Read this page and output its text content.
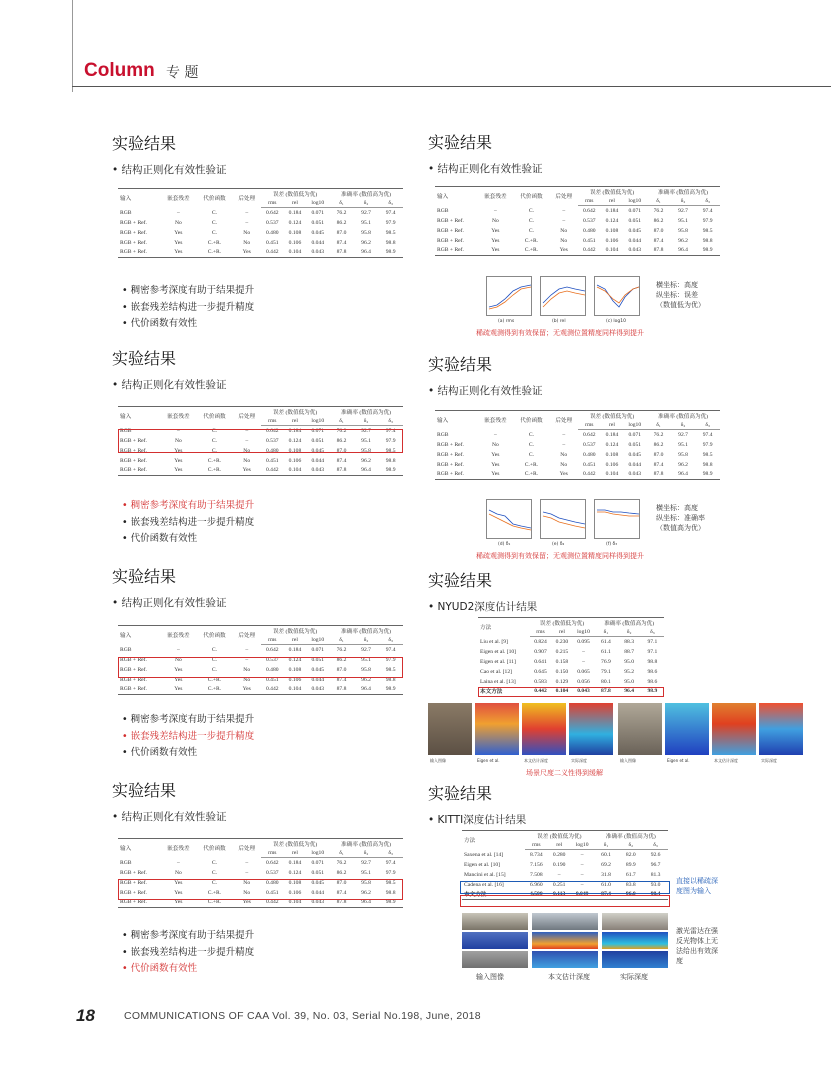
Column 专 题
实验结果
• 结构正则化有效性验证
输入	嵌套残差	代价函数	后处理	误差 (数值低为优)			准确率 (数值高为优)		
				rms	rel	log10	δ₁	δ₂	δ₃
RGB	–	C.	–	0.642	0.184	0.071	76.2	92.7	97.4
RGB + Ref.	No	C.	–	0.537	0.124	0.051	86.2	95.1	97.9
RGB + Ref.	Yes	C.	No	0.480	0.108	0.045	87.0	95.8	98.5
RGB + Ref.	Yes	C.+R.	No	0.451	0.106	0.044	87.4	96.2	98.8
RGB + Ref.	Yes	C.+R.	Yes	0.442	0.104	0.043	87.8	96.4	98.9
• 稠密参考深度有助于结果提升
• 嵌套残差结构进一步提升精度
• 代价函数有效性
实验结果
• 结构正则化有效性验证
输入	嵌套残差	代价函数	后处理	误差 (数值低为优)			准确率 (数值高为优)		
				rms	rel	log10	δ₁	δ₂	δ₃
RGB	–	C.	–	0.642	0.184	0.071	76.2	92.7	97.4
RGB + Ref.	No	C.	–	0.537	0.124	0.051	86.2	95.1	97.9
RGB + Ref.	Yes	C.	No	0.480	0.108	0.045	87.0	95.8	98.5
RGB + Ref.	Yes	C.+R.	No	0.451	0.106	0.044	87.4	96.2	98.8
RGB + Ref.	Yes	C.+R.	Yes	0.442	0.104	0.043	87.8	96.4	98.9
• 稠密参考深度有助于结果提升
• 嵌套残差结构进一步提升精度
• 代价函数有效性
实验结果
• 结构正则化有效性验证
输入	嵌套残差	代价函数	后处理	误差 (数值低为优)			准确率 (数值高为优)		
				rms	rel	log10	δ₁	δ₂	δ₃
RGB	–	C.	–	0.642	0.184	0.071	76.2	92.7	97.4
RGB + Ref.	No	C.	–	0.537	0.124	0.051	86.2	95.1	97.9
RGB + Ref.	Yes	C.	No	0.480	0.108	0.045	87.0	95.8	98.5
RGB + Ref.	Yes	C.+R.	No	0.451	0.106	0.044	87.4	96.2	98.8
RGB + Ref.	Yes	C.+R.	Yes	0.442	0.104	0.043	87.8	96.4	98.9
• 稠密参考深度有助于结果提升
• 嵌套残差结构进一步提升精度
• 代价函数有效性
实验结果
• 结构正则化有效性验证
输入	嵌套残差	代价函数	后处理	误差 (数值低为优)			准确率 (数值高为优)		
				rms	rel	log10	δ₁	δ₂	δ₃
RGB	–	C.	–	0.642	0.184	0.071	76.2	92.7	97.4
RGB + Ref.	No	C.	–	0.537	0.124	0.051	86.2	95.1	97.9
RGB + Ref.	Yes	C.	No	0.480	0.108	0.045	87.0	95.8	98.5
RGB + Ref.	Yes	C.+R.	No	0.451	0.106	0.044	87.4	96.2	98.8
RGB + Ref.	Yes	C.+R.	Yes	0.442	0.104	0.043	87.8	96.4	98.9
• 稠密参考深度有助于结果提升
• 嵌套残差结构进一步提升精度
• 代价函数有效性
实验结果
• 结构正则化有效性验证
输入	嵌套残差	代价函数	后处理	误差 (数值低为优)			准确率 (数值高为优)		
				rms	rel	log10	δ₁	δ₂	δ₃
RGB	–	C.	–	0.642	0.184	0.071	76.2	92.7	97.4
RGB + Ref.	No	C.	–	0.537	0.124	0.051	86.2	95.1	97.9
RGB + Ref.	Yes	C.	No	0.480	0.108	0.045	87.0	95.8	98.5
RGB + Ref.	Yes	C.+R.	No	0.451	0.106	0.044	87.4	96.2	98.8
RGB + Ref.	Yes	C.+R.	Yes	0.442	0.104	0.043	87.8	96.4	98.9
实验结果
• 结构正则化有效性验证
输入	嵌套残差	代价函数	后处理	误差 (数值低为优)			准确率 (数值高为优)		
				rms	rel	log10	δ₁	δ₂	δ₃
RGB	–	C.	–	0.642	0.184	0.071	76.2	92.7	97.4
RGB + Ref.	No	C.	–	0.537	0.124	0.051	86.2	95.1	97.9
RGB + Ref.	Yes	C.	No	0.480	0.108	0.045	87.0	95.8	98.5
RGB + Ref.	Yes	C.+R.	No	0.451	0.106	0.044	87.4	96.2	98.8
RGB + Ref.	Yes	C.+R.	Yes	0.442	0.104	0.043	87.8	96.4	98.9
(a) rms	(b) rel	(c) log10
稀疏观测得到有效保留；无观测位置精度同样得到提升
横坐标：高度
纵坐标：误差
（数值低为优）
(d) δ₁	(e) δ₂	(f) δ₃
稀疏观测得到有效保留；无观测位置精度同样得到提升
横坐标：高度
纵坐标：准确率
（数值高为优）
实验结果
• NYUD2深度估计结果
方法	误差 (数值低为优)			准确率 (数值高为优)		
	rms	rel	log10	δ₁	δ₂	δ₃
Liu et al. [9]	0.824	0.230	0.095	61.4	88.3	97.1
Eigen et al. [10]	0.907	0.215	–	61.1	88.7	97.1
Eigen et al. [11]	0.641	0.158	–	76.9	95.0	98.8
Cao et al. [12]	0.645	0.150	0.065	79.1	95.2	98.6
Laina et al. [13]	0.583	0.129	0.056	80.1	95.0	98.6
本文方法	0.442	0.104	0.043	87.8	96.4	98.9
输入图像	Eigen et al.	本文估计深度	实际深度	输入图像	Eigen et al.	本文估计深度	实际深度
场景尺度二义性得到缓解
实验结果
• KITTI深度估计结果
方法	误差 (数值低为优)			准确率 (数值高为优)		
	rms	rel	log10	δ₁	δ₂	δ₃
Saxena et al. [14]	8.734	0.280	–	60.1	82.0	92.6
Eigen et al. [10]	7.156	0.190	–	69.2	89.9	96.7
Mancini et al. [15]	7.508	–	–	31.8	61.7	81.3
Cadena et al. [16]	6.960	0.251	–	61.0	83.8	93.0
本文方法	4.500	0.113	0.049	87.4	96.0	98.4
直接以稀疏深
度图为输入
激光雷达在强
反光物体上无
法给出有效深
度
输入图像	本文估计深度	实际深度
18	COMMUNICATIONS OF CAA Vol. 39, No. 03, Serial No.198, June, 2018
